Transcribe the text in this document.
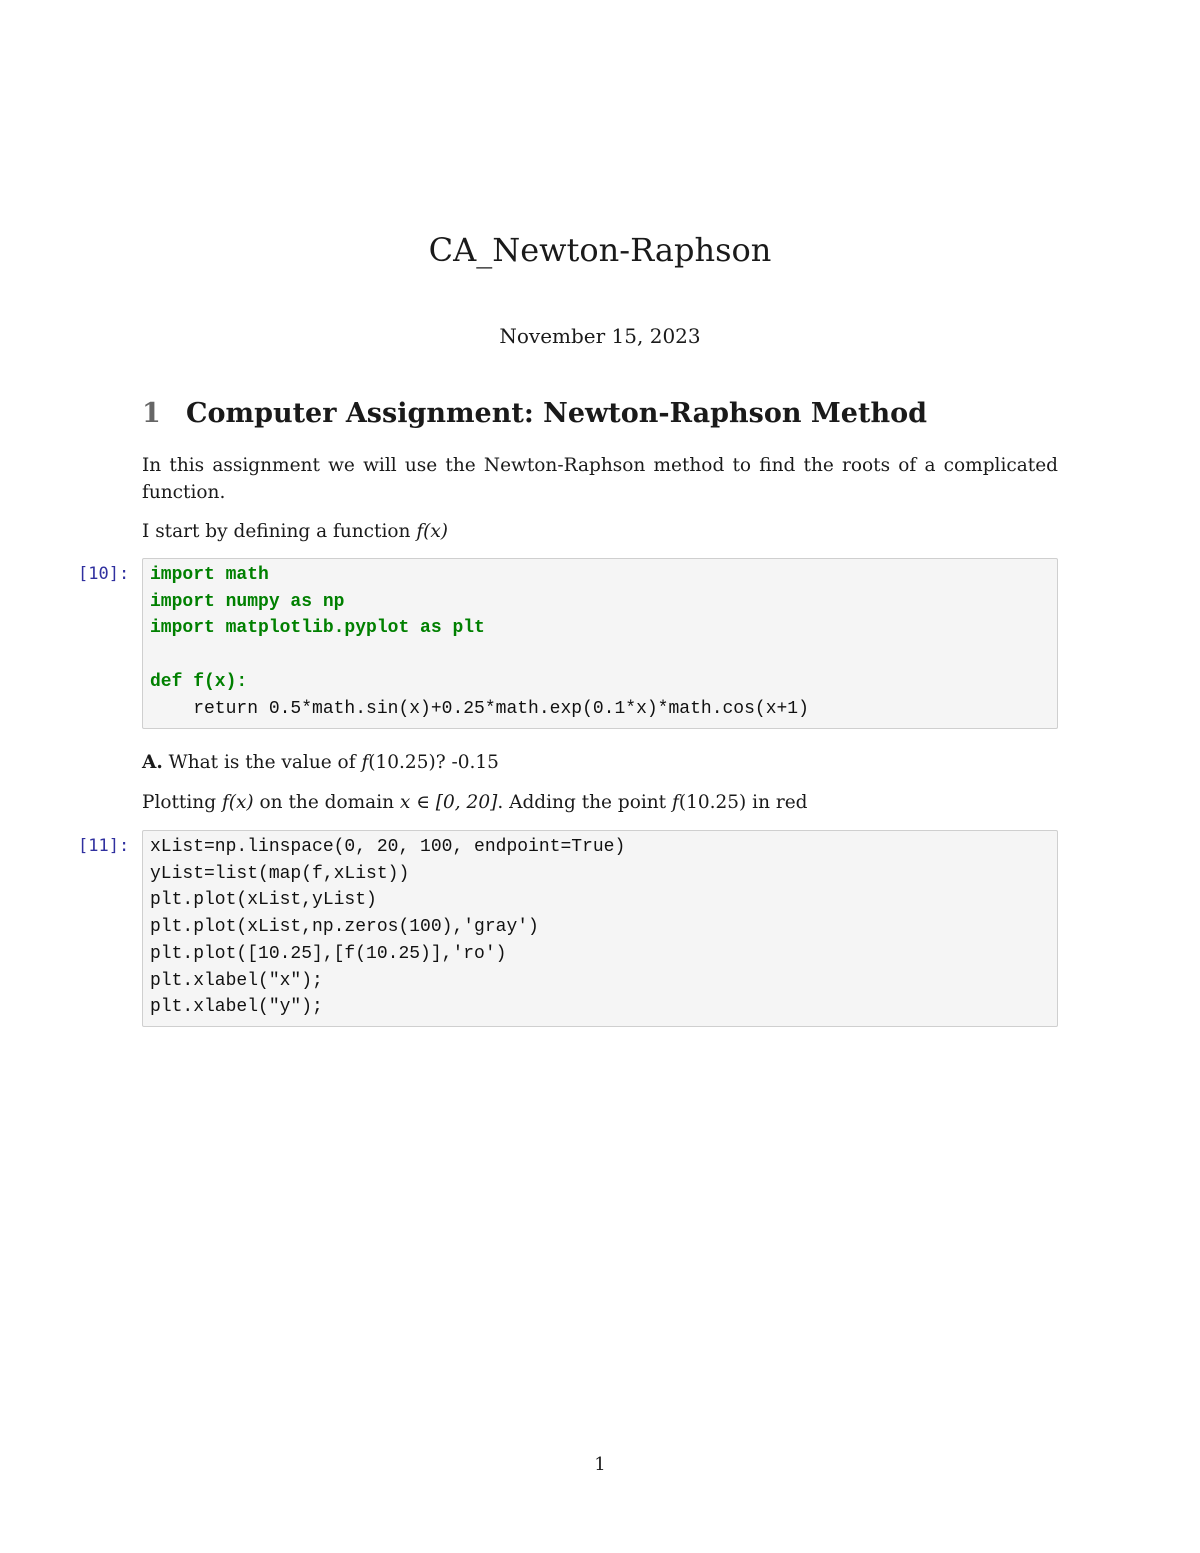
CA_Newton-Raphson
November 15, 2023
1 Computer Assignment: Newton-Raphson Method

In this assignment we will use the Newton-Raphson method to find the roots of a complicated function.

I start by defining a function f(x)

[10]:	import math
import numpy as np
import matplotlib.pyplot as plt

def f(x):
return 0.5*math.sin(x)+0.25*math.exp(0.1*x)*math.cos(x+1)

A. What is the value of f(10.25)? -0.15

Plotting f(x) on the domain x ∈ [0, 20]. Adding the point f(10.25) in red

[11]:	xList=np.linspace(0, 20, 100, endpoint=True)
yList=list(map(f,xList))
plt.plot(xList,yList)
plt.plot(xList,np.zeros(100),'gray')
plt.plot([10.25],[f(10.25)],'ro')
plt.xlabel("x");
plt.xlabel("y");
1
